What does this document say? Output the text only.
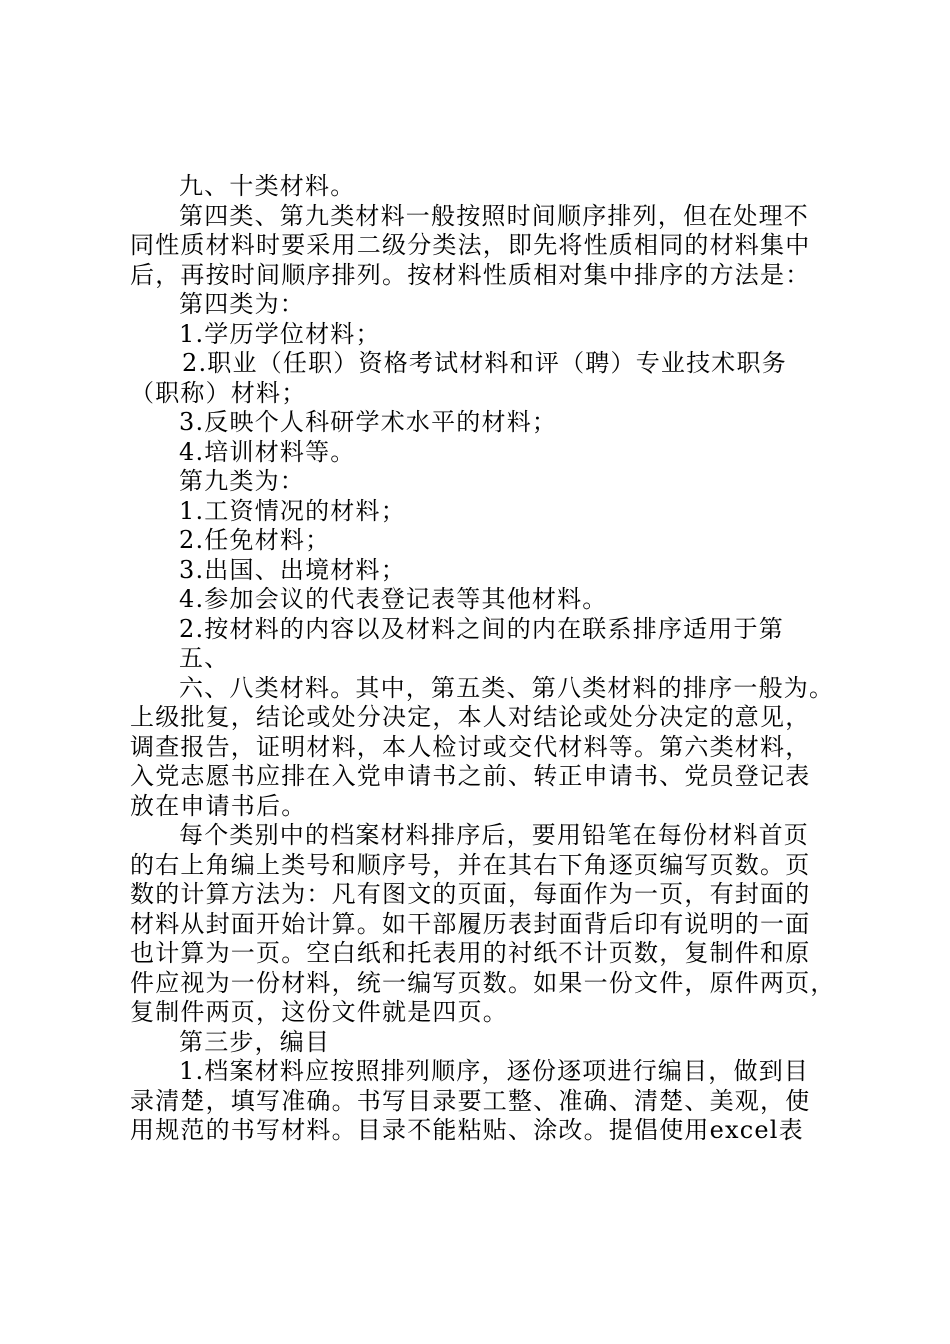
九、十类材料。
第四类、第九类材料一般按照时间顺序排列，但在处理不
同性质材料时要采用二级分类法，即先将性质相同的材料集中
后，再按时间顺序排列。按材料性质相对集中排序的方法是：
第四类为：
1.学历学位材料；
2.职业（任职）资格考试材料和评（聘）专业技术职务
（职称）材料；
3.反映个人科研学术水平的材料；
4.培训材料等。
第九类为：
1.工资情况的材料；
2.任免材料；
3.出国、出境材料；
4.参加会议的代表登记表等其他材料。
2.按材料的内容以及材料之间的内在联系排序适用于第
五、
六、八类材料。其中，第五类、第八类材料的排序一般为。
上级批复，结论或处分决定，本人对结论或处分决定的意见，
调查报告，证明材料，本人检讨或交代材料等。第六类材料，
入党志愿书应排在入党申请书之前、转正申请书、党员登记表
放在申请书后。
每个类别中的档案材料排序后，要用铅笔在每份材料首页
的右上角编上类号和顺序号，并在其右下角逐页编写页数。页
数的计算方法为：凡有图文的页面，每面作为一页，有封面的
材料从封面开始计算。如干部履历表封面背后印有说明的一面
也计算为一页。空白纸和托表用的衬纸不计页数，复制件和原
件应视为一份材料，统一编写页数。如果一份文件，原件两页，
复制件两页，这份文件就是四页。
第三步，编目
1.档案材料应按照排列顺序，逐份逐项进行编目，做到目
录清楚，填写准确。书写目录要工整、准确、清楚、美观，使
用规范的书写材料。目录不能粘贴、涂改。提倡使用excel表
